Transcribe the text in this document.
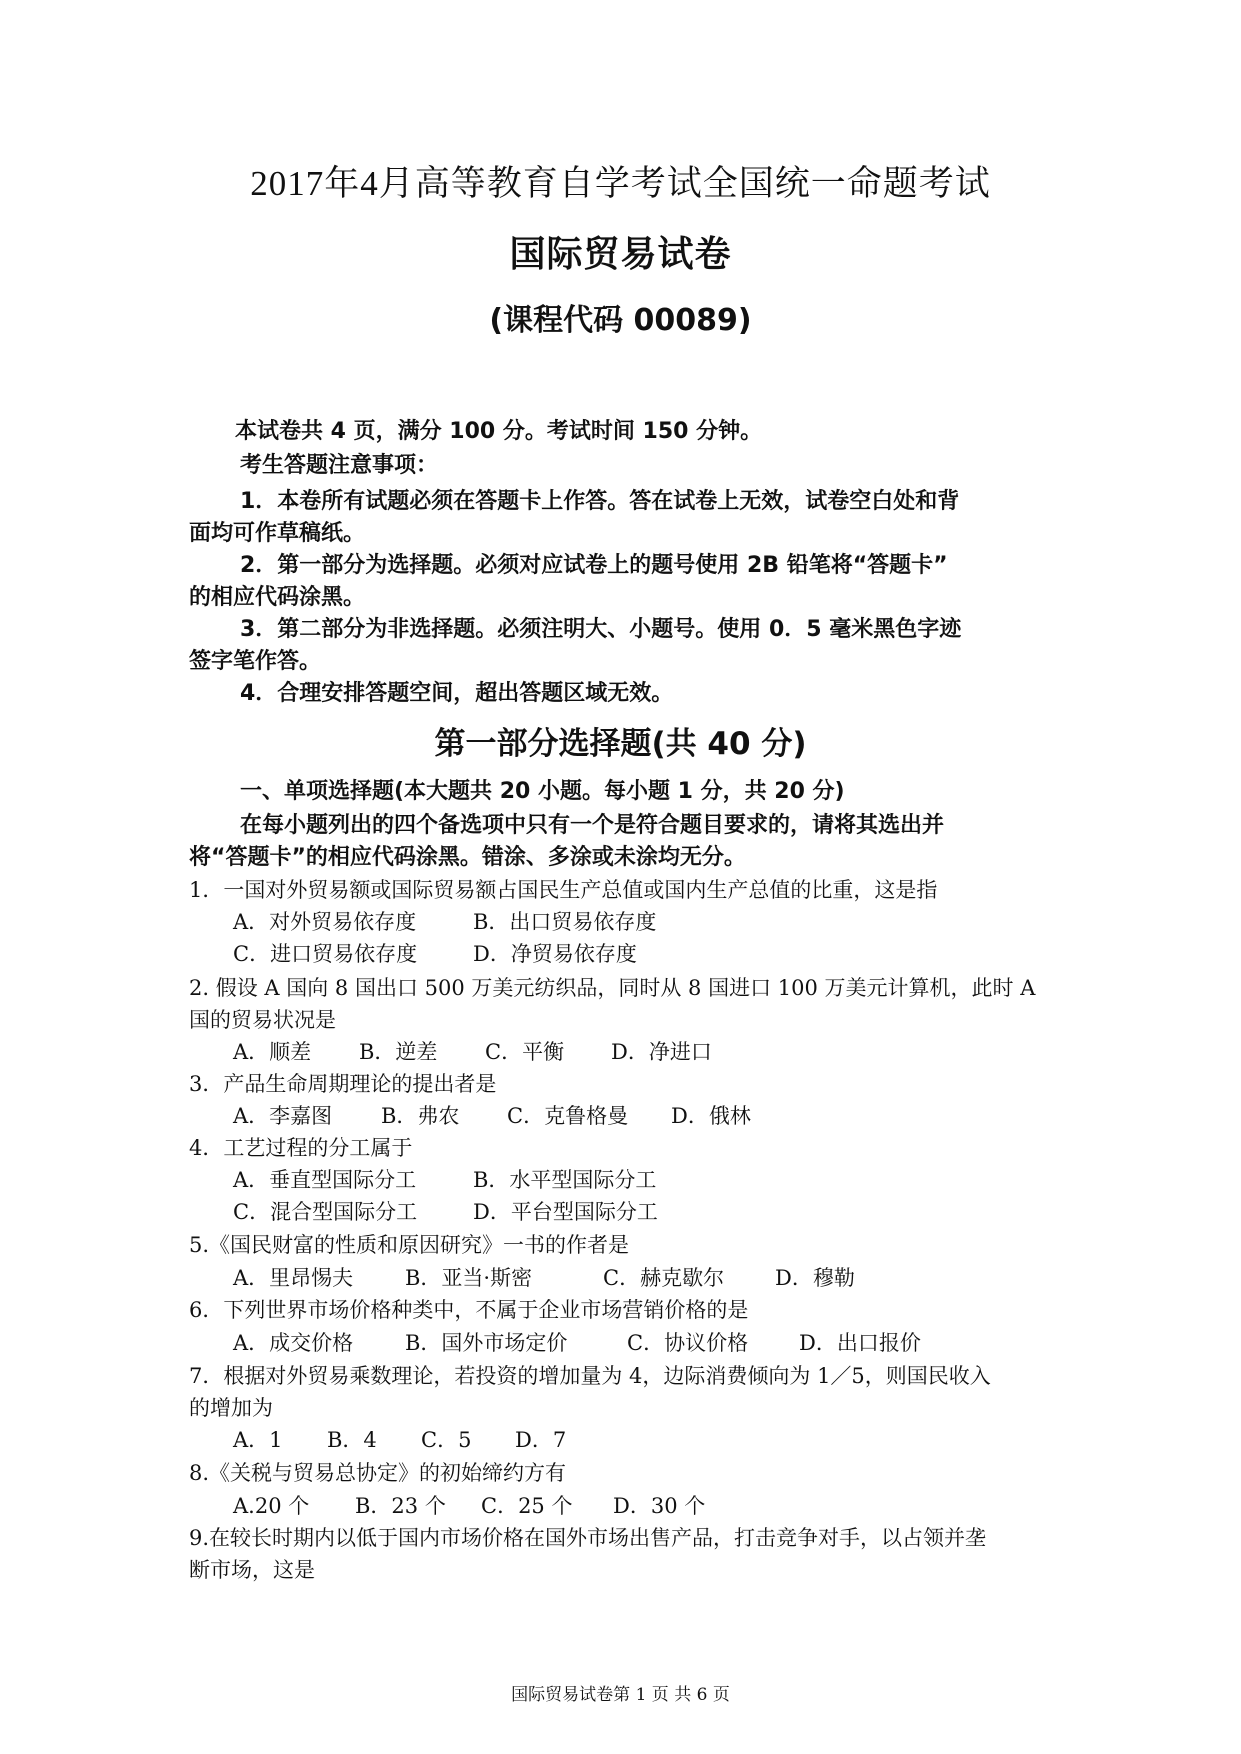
2017年4月高等教育自学考试全国统一命题考试
国际贸易试卷
(课程代码 00089)
本试卷共 4 页，满分 100 分。考试时间 150 分钟。
考生答题注意事项：
1．本卷所有试题必须在答题卡上作答。答在试卷上无效，试卷空白处和背
面均可作草稿纸。
2．第一部分为选择题。必须对应试卷上的题号使用 2B 铅笔将“答题卡”
的相应代码涂黑。
3．第二部分为非选择题。必须注明大、小题号。使用 0．5 毫米黑色字迹
签字笔作答。
4．合理安排答题空间，超出答题区域无效。
第一部分选择题(共 40 分)
一、单项选择题(本大题共 20 小题。每小题 1 分，共 20 分)
在每小题列出的四个备选项中只有一个是符合题目要求的，请将其选出并
将“答题卡”的相应代码涂黑。错涂、多涂或未涂均无分。
1．一国对外贸易额或国际贸易额占国民生产总值或国内生产总值的比重，这是指
A．对外贸易依存度	B．出口贸易依存度
C．进口贸易依存度	D．净贸易依存度
2. 假设 A 国向 8 国出口 500 万美元纺织品，同时从 8 国进口 100 万美元计算机，此时 A
国的贸易状况是
A．顺差 B．逆差 C．平衡 D．净进口
3．产品生命周期理论的提出者是
A．李嘉图 B．弗农 C．克鲁格曼 D．俄林
4．工艺过程的分工属于
A．垂直型国际分工	B．水平型国际分工
C．混合型国际分工	D．平台型国际分工
5.《国民财富的性质和原因研究》一书的作者是
A．里昂惕夫 B．亚当·斯密	C．赫克歇尔 D．穆勒
6．下列世界市场价格种类中，不属于企业市场营销价格的是
A．成交价格 B．国外市场定价	C．协议价格 D．出口报价
7．根据对外贸易乘数理论，若投资的增加量为 4，边际消费倾向为 1／5，则国民收入
的增加为
A．1 B．4 C．5 D．7
8.《关税与贸易总协定》的初始缔约方有
A.20 个 B．23 个 C．25 个 D．30 个
9.在较长时期内以低于国内市场价格在国外市场出售产品，打击竞争对手，以占领并垄
断市场，这是
国际贸易试卷第 1 页 共 6 页
